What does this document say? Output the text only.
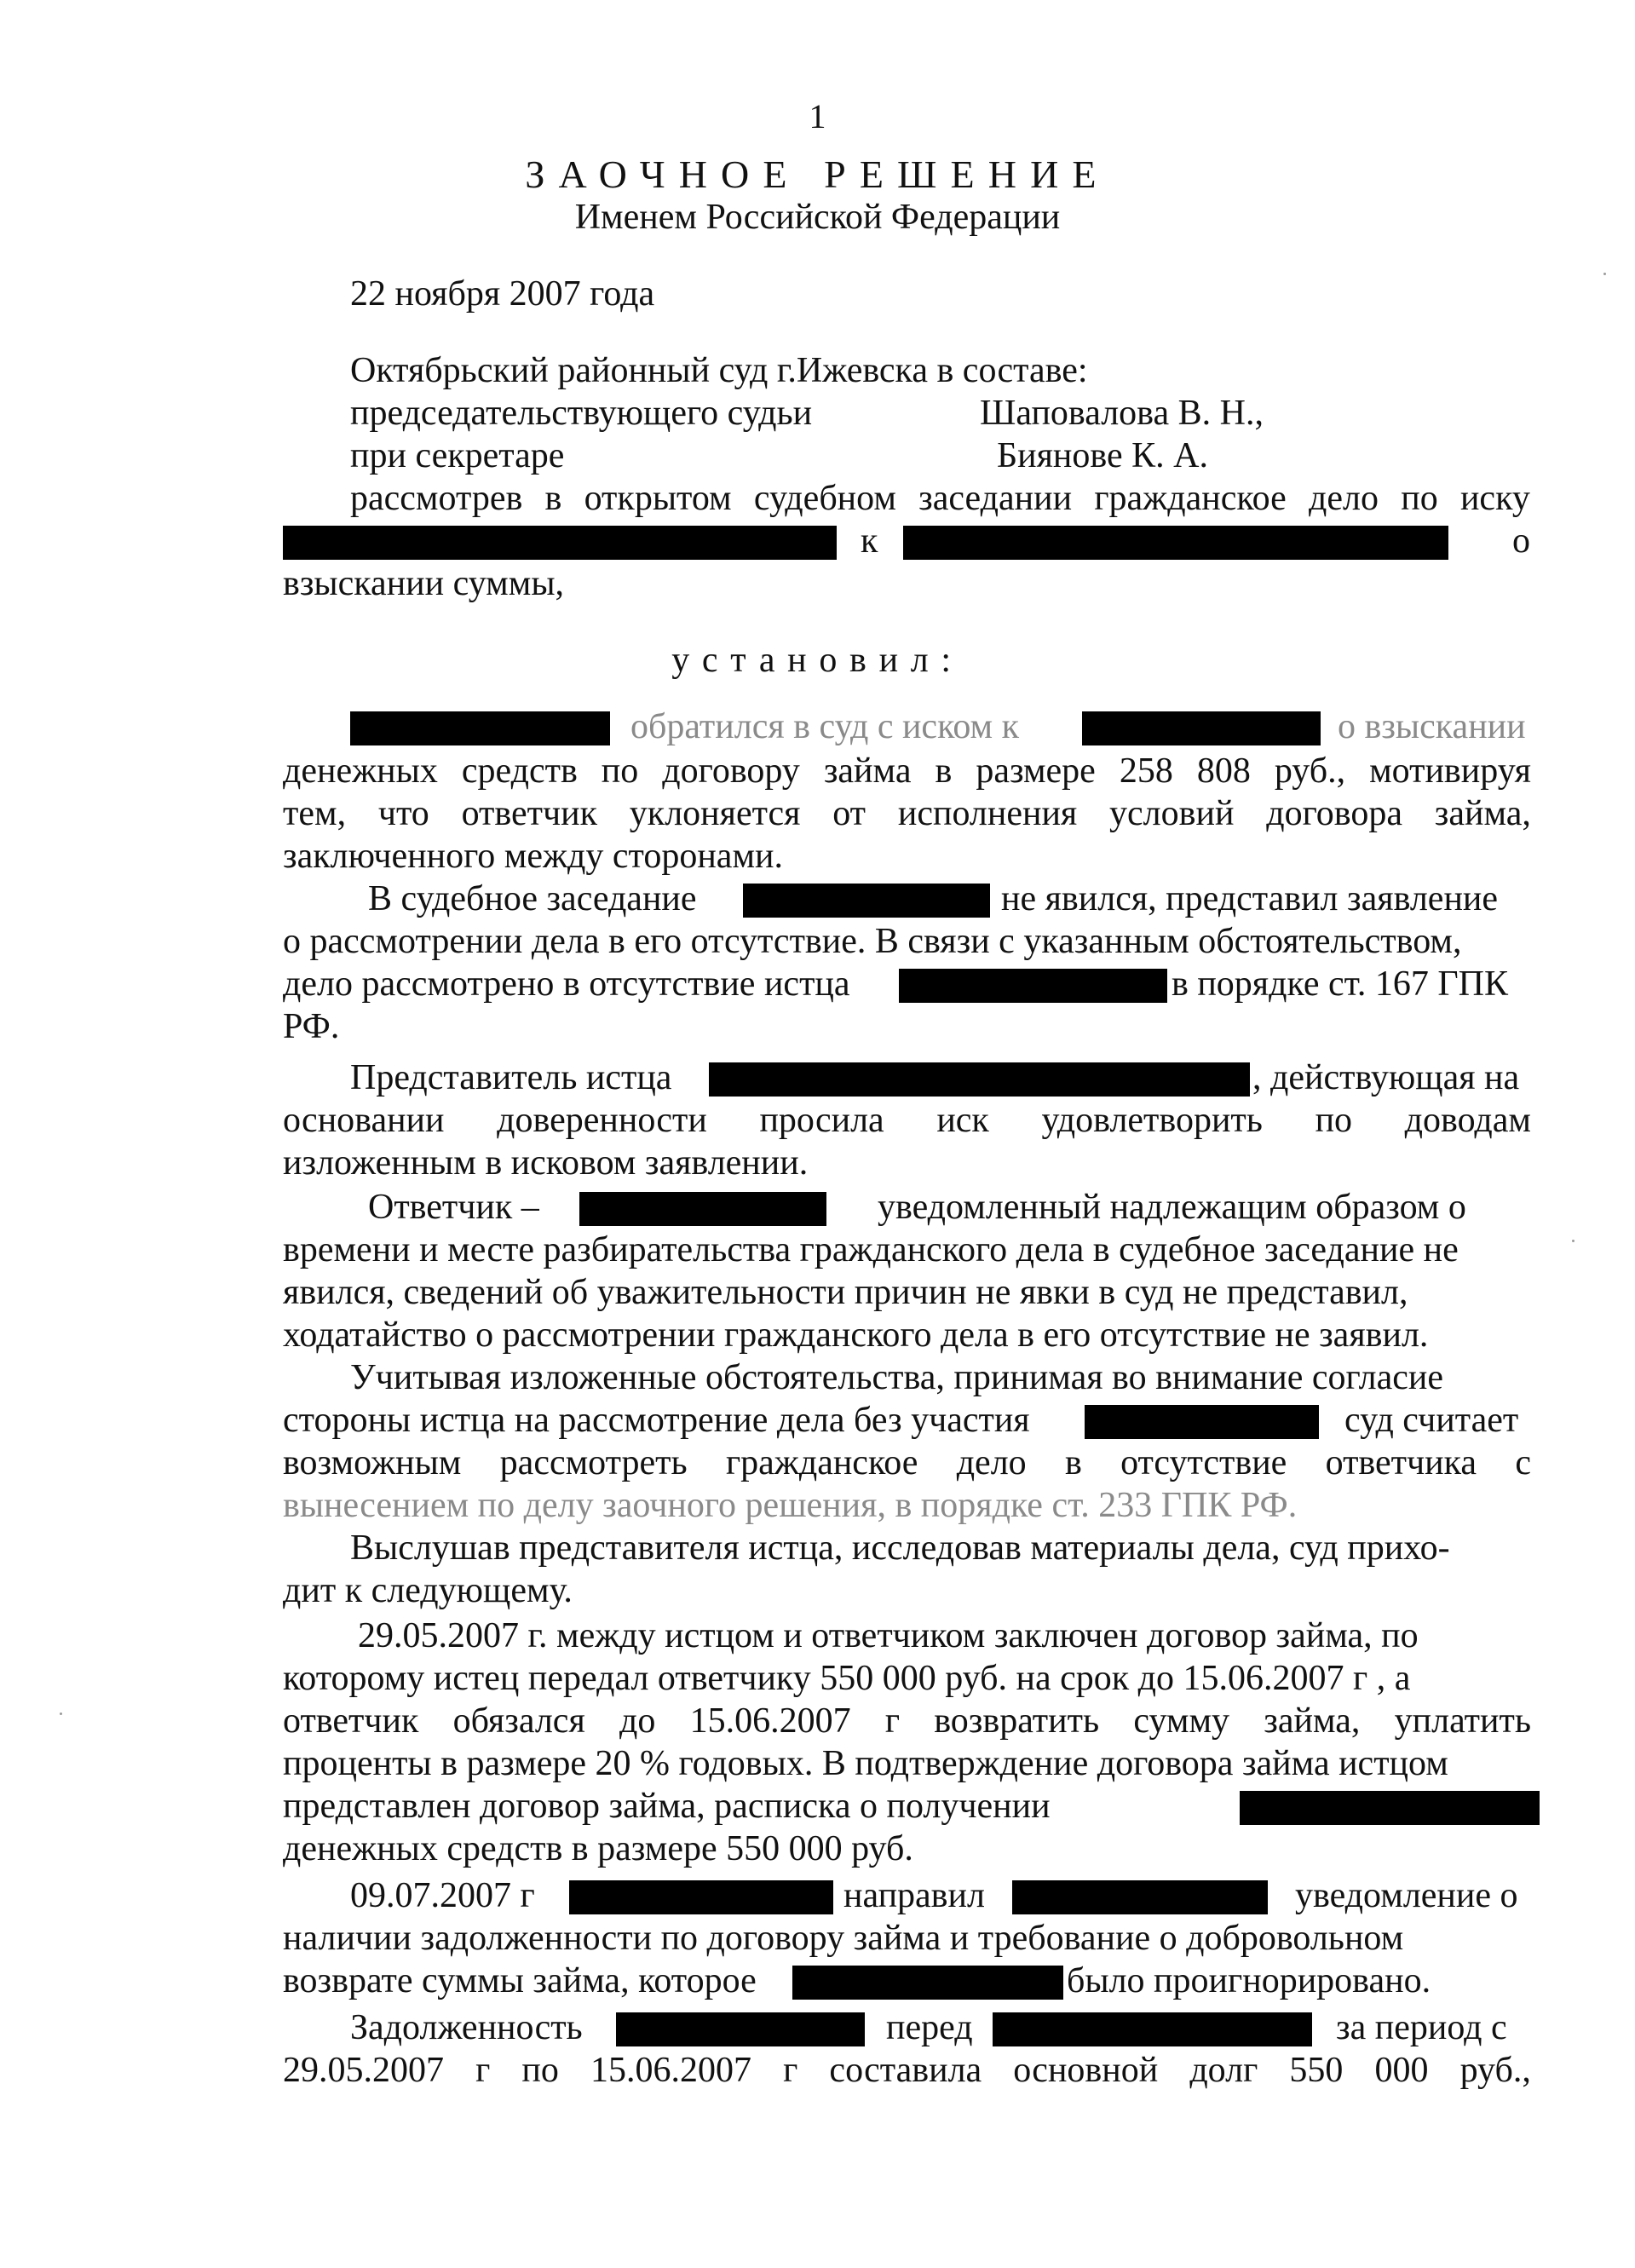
1
ЗАОЧНОЕ РЕШЕНИЕ
Именем Российской Федерации
22 ноября 2007 года
Октябрьский районный суд г.Ижевска в составе:
председательствующего судьи	Шаповалова В. Н.,
при секретаре	Биянове К. А.
рассмотрев в открытом судебном заседании гражданское дело по иску
к	о
взыскании суммы,
установил:
обратился в суд с иском к	о взыскании
денежных средств по договору займа в размере 258 808 руб., мотивируя
тем, что ответчик уклоняется от исполнения условий договора займа,
заключенного между сторонами.
В судебное заседание	не явился, представил заявление
о рассмотрении дела в его отсутствие. В связи с указанным обстоятельством,
дело рассмотрено в отсутствие истца	в порядке ст. 167 ГПК
РФ.
Представитель истца	, действующая на
основании доверенности просила иск удовлетворить по доводам
изложенным в исковом заявлении.
Ответчик –	уведомленный надлежащим образом о
времени и месте разбирательства гражданского дела в судебное заседание не
явился, сведений об уважительности причин не явки в суд не представил,
ходатайство о рассмотрении гражданского дела в его отсутствие не заявил.
Учитывая изложенные обстоятельства, принимая во внимание согласие
стороны истца на рассмотрение дела без участия	суд считает
возможным рассмотреть гражданское дело в отсутствие ответчика с
вынесением по делу заочного решения, в порядке ст. 233 ГПК РФ.
Выслушав представителя истца, исследовав материалы дела, суд прихо-
дит к следующему.
29.05.2007 г. между истцом и ответчиком заключен договор займа, по
которому истец передал ответчику 550 000 руб. на срок до 15.06.2007 г , а
ответчик обязался до 15.06.2007 г возвратить сумму займа, уплатить
проценты в размере 20 % годовых. В подтверждение договора займа истцом
представлен договор займа, расписка о получении
денежных средств в размере 550 000 руб.
09.07.2007 г	направил	уведомление о
наличии задолженности по договору займа и требование о добровольном
возврате суммы займа, которое	было проигнорировано.
Задолженность	перед	за период с
29.05.2007 г по 15.06.2007 г составила основной долг 550 000 руб.,
